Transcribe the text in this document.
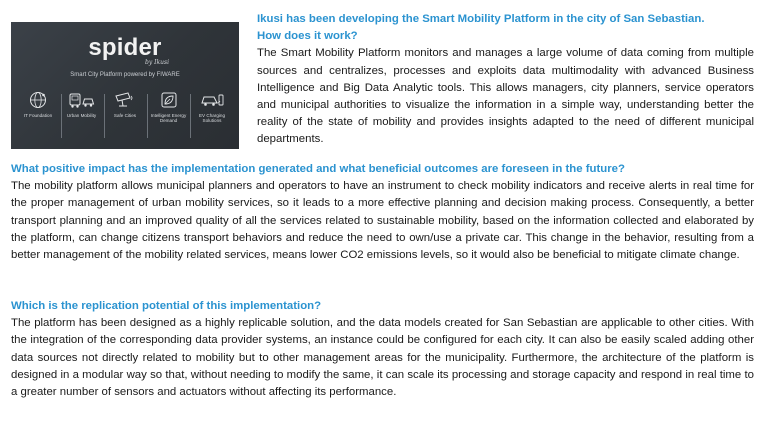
spider
by Ikusi
Smart City Platform powered by FIWARE
IT Foundation	Urban Mobility	Safe Cities	Intelligent Energy Demand
EV Charging Solutions

Ikusi has been developing the Smart Mobility Platform in the city of San Sebastian.

How does it work?

The Smart Mobility Platform monitors and manages a large volume of data coming from multiple sources and centralizes, processes and exploits data multimodality with advanced Business Intelligence and Big Data Analytic tools. This allows managers, city planners, service operators and municipal authorities to visualize the information in a simple way, understanding better the reality of the state of mobility and provides insights adapted to the need of different municipal departments.

What positive impact has the implementation generated and what beneficial outcomes are foreseen in the future?

The mobility platform allows municipal planners and operators to have an instrument to check mobility indicators and receive alerts in real time for the proper management of urban mobility services, so it leads to a more effective planning and decision making process. Consequently, a better transport planning and an improved quality of all the services related to sustainable mobility, based on the information collected and elaborated by the platform, can change citizens transport behaviors and reduce the need to own/use a private car. This change in the behavior, resulting from a better management of the mobility related services, means lower CO2 emissions levels, so it would also be beneficial to mitigate climate change.

Which is the replication potential of this implementation?

The platform has been designed as a highly replicable solution, and the data models created for San Sebastian are applicable to other cities. With the integration of the corresponding data provider systems, an instance could be configured for each city. It can also be easily scaled adding other data sources not directly related to mobility but to other management areas for the municipality. Furthermore, the architecture of the platform is designed in a modular way so that, without needing to modify the same, it can scale its processing and storage capacity and respond in real time to a greater number of sensors and actuators without affecting its performance.
